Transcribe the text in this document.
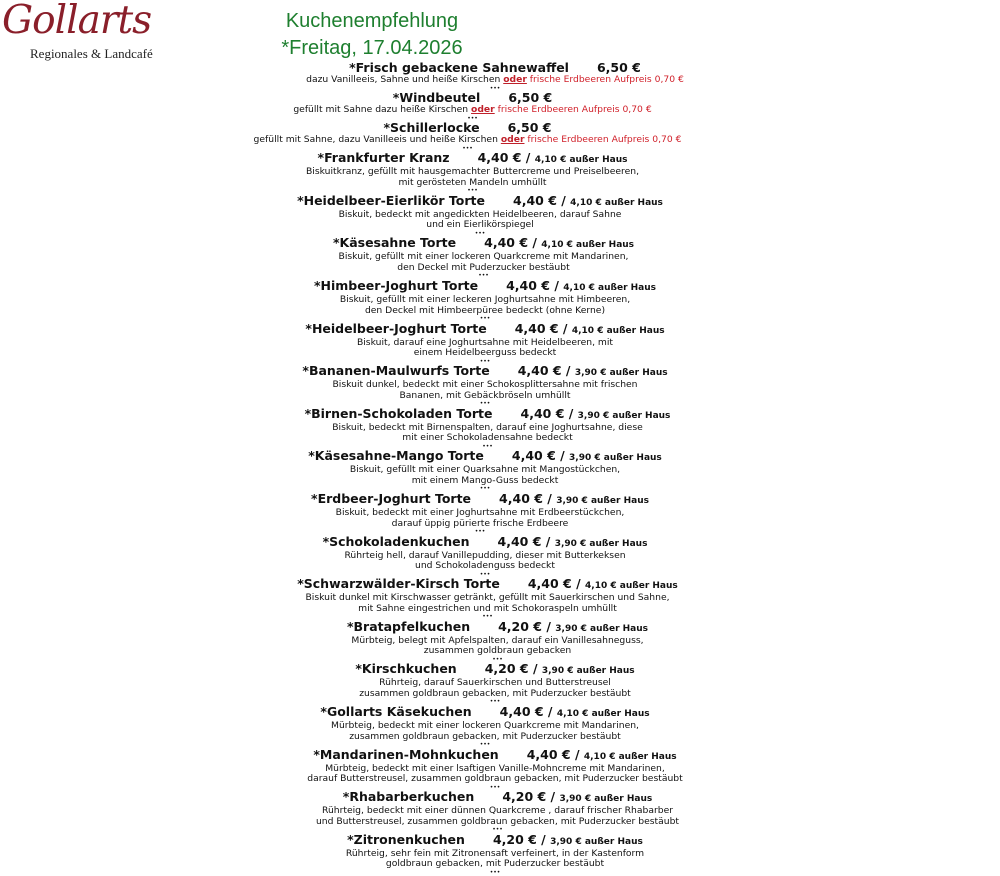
Gollarts
Regionales & Landcafé
Kuchenempfehlung
*Freitag, 17.04.2026
*Frisch gebackene Sahnewaffel 6,50 €
dazu Vanilleeis, Sahne und heiße Kirschen oder frische Erdbeeren Aufpreis 0,70 €
•••
*Windbeutel 6,50 €
gefüllt mit Sahne dazu heiße Kirschen oder frische Erdbeeren Aufpreis 0,70 €
•••
*Schillerlocke 6,50 €
gefüllt mit Sahne, dazu Vanilleeis und heiße Kirschen oder frische Erdbeeren Aufpreis 0,70 €
•••
*Frankfurter Kranz 4,40 € / 4,10 € außer Haus
Biskuitkranz, gefüllt mit hausgemachter Buttercreme und Preiselbeeren,
mit gerösteten Mandeln umhüllt
•••
*Heidelbeer-Eierlikör Torte 4,40 € / 4,10 € außer Haus
Biskuit, bedeckt mit angedickten Heidelbeeren, darauf Sahne
und ein Eierlikörspiegel
•••
*Käsesahne Torte 4,40 € / 4,10 € außer Haus
Biskuit, gefüllt mit einer lockeren Quarkcreme mit Mandarinen,
den Deckel mit Puderzucker bestäubt
•••
*Himbeer-Joghurt Torte 4,40 € / 4,10 € außer Haus
Biskuit, gefüllt mit einer leckeren Joghurtsahne mit Himbeeren,
den Deckel mit Himbeerpüree bedeckt (ohne Kerne)
•••
*Heidelbeer-Joghurt Torte 4,40 € / 4,10 € außer Haus
Biskuit, darauf eine Joghurtsahne mit Heidelbeeren, mit
einem Heidelbeerguss bedeckt
•••
*Bananen-Maulwurfs Torte 4,40 € / 3,90 € außer Haus
Biskuit dunkel, bedeckt mit einer Schokosplittersahne mit frischen
Bananen, mit Gebäckbröseln umhüllt
•••
*Birnen-Schokoladen Torte 4,40 € / 3,90 € außer Haus
Biskuit, bedeckt mit Birnenspalten, darauf eine Joghurtsahne, diese
mit einer Schokoladensahne bedeckt
•••
*Käsesahne-Mango Torte 4,40 € / 3,90 € außer Haus
Biskuit, gefüllt mit einer Quarksahne mit Mangostückchen,
mit einem Mango-Guss bedeckt
•••
*Erdbeer-Joghurt Torte 4,40 € / 3,90 € außer Haus
Biskuit, bedeckt mit einer Joghurtsahne mit Erdbeerstückchen,
darauf üppig pürierte frische Erdbeere
•••
*Schokoladenkuchen 4,40 € / 3,90 € außer Haus
Rührteig hell, darauf Vanillepudding, dieser mit Butterkeksen
und Schokoladenguss bedeckt
•••
*Schwarzwälder-Kirsch Torte 4,40 € / 4,10 € außer Haus
Biskuit dunkel mit Kirschwasser getränkt, gefüllt mit Sauerkirschen und Sahne,
mit Sahne eingestrichen und mit Schokoraspeln umhüllt
•••
*Bratapfelkuchen 4,20 € / 3,90 € außer Haus
Mürbteig, belegt mit Apfelspalten, darauf ein Vanillesahneguss,
zusammen goldbraun gebacken
•••
*Kirschkuchen 4,20 € / 3,90 € außer Haus
Rührteig, darauf Sauerkirschen und Butterstreusel
zusammen goldbraun gebacken, mit Puderzucker bestäubt
•••
*Gollarts Käsekuchen 4,40 € / 4,10 € außer Haus
Mürbteig, bedeckt mit einer lockeren Quarkcreme mit Mandarinen,
zusammen goldbraun gebacken, mit Puderzucker bestäubt
•••
*Mandarinen-Mohnkuchen 4,40 € / 4,10 € außer Haus
Mürbteig, bedeckt mit einer lsaftigen Vanille-Mohncreme mit Mandarinen,
darauf Butterstreusel, zusammen goldbraun gebacken, mit Puderzucker bestäubt
•••
*Rhabarberkuchen 4,20 € / 3,90 € außer Haus
Rührteig, bedeckt mit einer dünnen Quarkcreme , darauf frischer Rhabarber
und Butterstreusel, zusammen goldbraun gebacken, mit Puderzucker bestäubt
•••
*Zitronenkuchen 4,20 € / 3,90 € außer Haus
Rührteig, sehr fein mit Zitronensaft verfeinert, in der Kastenform
goldbraun gebacken, mit Puderzucker bestäubt
•••
